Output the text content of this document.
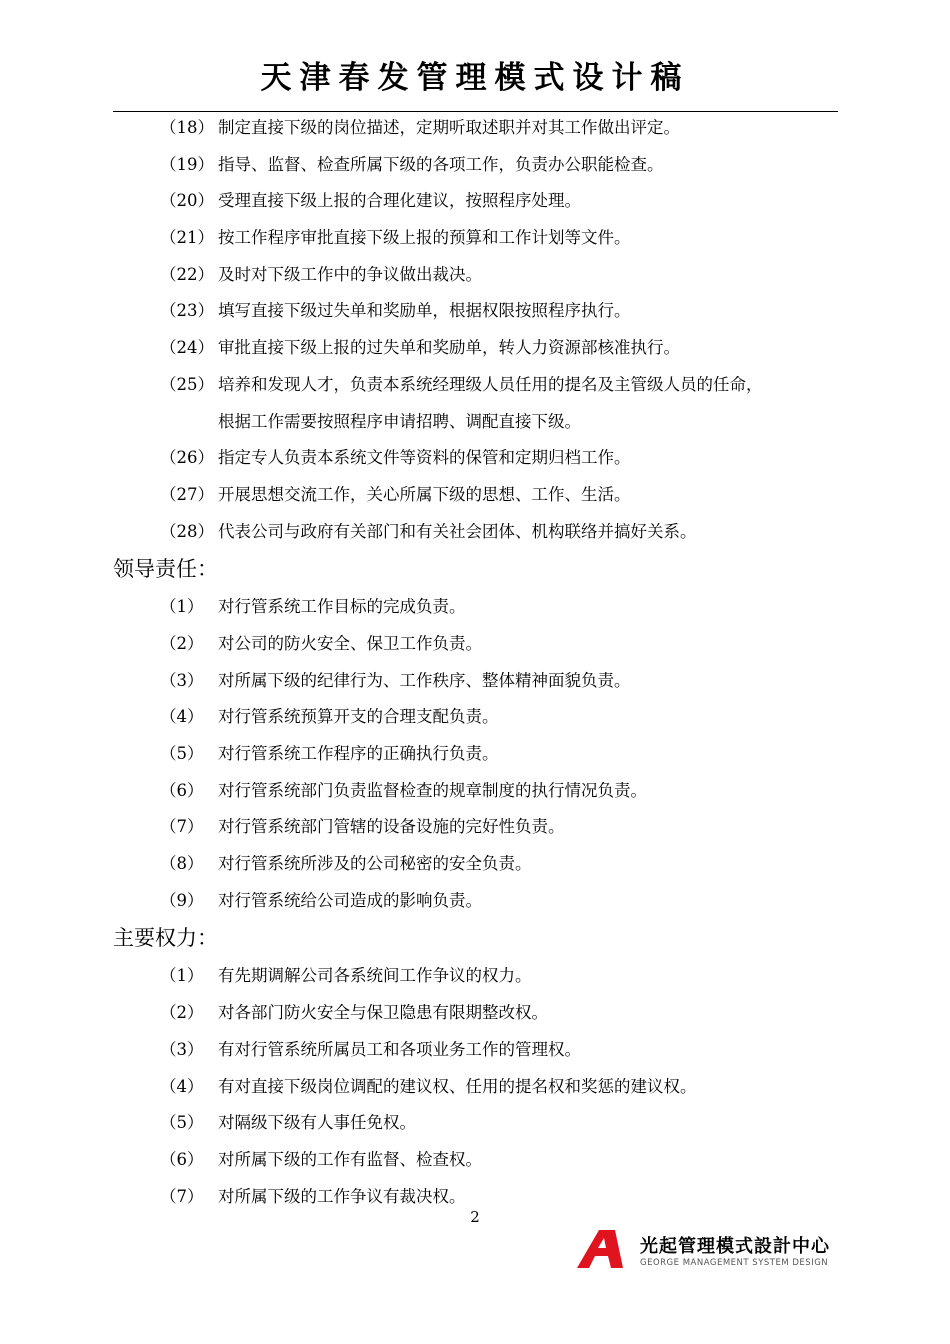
天津春发管理模式设计稿
（18） 制定直接下级的岗位描述，定期听取述职并对其工作做出评定。
（19） 指导、监督、检查所属下级的各项工作，负责办公职能检查。
（20） 受理直接下级上报的合理化建议，按照程序处理。
（21） 按工作程序审批直接下级上报的预算和工作计划等文件。
（22） 及时对下级工作中的争议做出裁决。
（23） 填写直接下级过失单和奖励单，根据权限按照程序执行。
（24） 审批直接下级上报的过失单和奖励单，转人力资源部核准执行。
（25） 培养和发现人才，负责本系统经理级人员任用的提名及主管级人员的任命，
根据工作需要按照程序申请招聘、调配直接下级。
（26） 指定专人负责本系统文件等资料的保管和定期归档工作。
（27） 开展思想交流工作，关心所属下级的思想、工作、生活。
（28） 代表公司与政府有关部门和有关社会团体、机构联络并搞好关系。
领导责任：
（1） 对行管系统工作目标的完成负责。
（2） 对公司的防火安全、保卫工作负责。
（3） 对所属下级的纪律行为、工作秩序、整体精神面貌负责。
（4） 对行管系统预算开支的合理支配负责。
（5） 对行管系统工作程序的正确执行负责。
（6） 对行管系统部门负责监督检查的规章制度的执行情况负责。
（7） 对行管系统部门管辖的设备设施的完好性负责。
（8） 对行管系统所涉及的公司秘密的安全负责。
（9） 对行管系统给公司造成的影响负责。
主要权力：
（1） 有先期调解公司各系统间工作争议的权力。
（2） 对各部门防火安全与保卫隐患有限期整改权。
（3） 有对行管系统所属员工和各项业务工作的管理权。
（4） 有对直接下级岗位调配的建议权、任用的提名权和奖惩的建议权。
（5） 对隔级下级有人事任免权。
（6） 对所属下级的工作有监督、检查权。
（7） 对所属下级的工作争议有裁决权。
2
光起管理模式設計中心
GEORGE MANAGEMENT SYSTEM DESIGN
